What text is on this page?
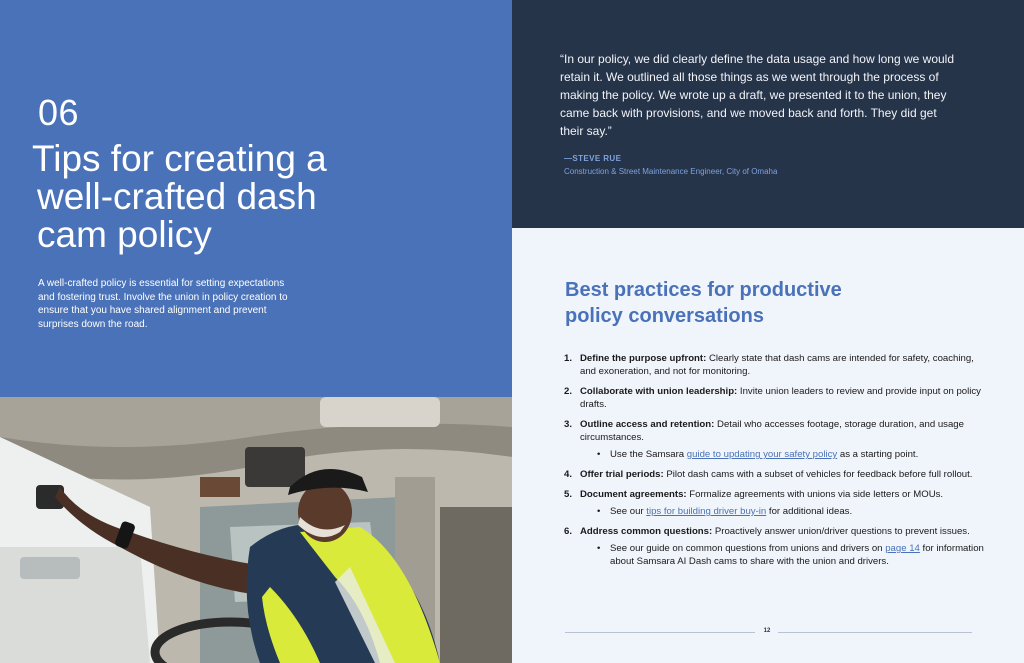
06
Tips for creating a
well-crafted dash
cam policy

A well-crafted policy is essential for setting expectations and fostering trust. Involve the union in policy creation to ensure that you have shared alignment and prevent surprises down the road.

“In our policy, we did clearly define the data usage and how long we would retain it. We outlined all those things as we went through the process of making the policy. We wrote up a draft, we presented it to the union, they came back with provisions, and we moved back and forth. They did get their say.”
—STEVE RUE
Construction & Street Maintenance Engineer, City of Omaha
Best practices for productive policy conversations
1. Define the purpose upfront: Clearly state that dash cams are intended for safety, coaching, and exoneration, and not for monitoring.
2. Collaborate with union leadership: Invite union leaders to review and provide input on policy drafts.
3. Outline access and retention: Detail who accesses footage, storage duration, and usage circumstances.
• Use the Samsara guide to updating your safety policy as a starting point.
4. Offer trial periods: Pilot dash cams with a subset of vehicles for feedback before full rollout.
5. Document agreements: Formalize agreements with unions via side letters or MOUs.
• See our tips for building driver buy-in for additional ideas.
6. Address common questions: Proactively answer union/driver questions to prevent issues.
• See our guide on common questions from unions and drivers on page 14 for information about Samsara AI Dash cams to share with the union and drivers.
12
